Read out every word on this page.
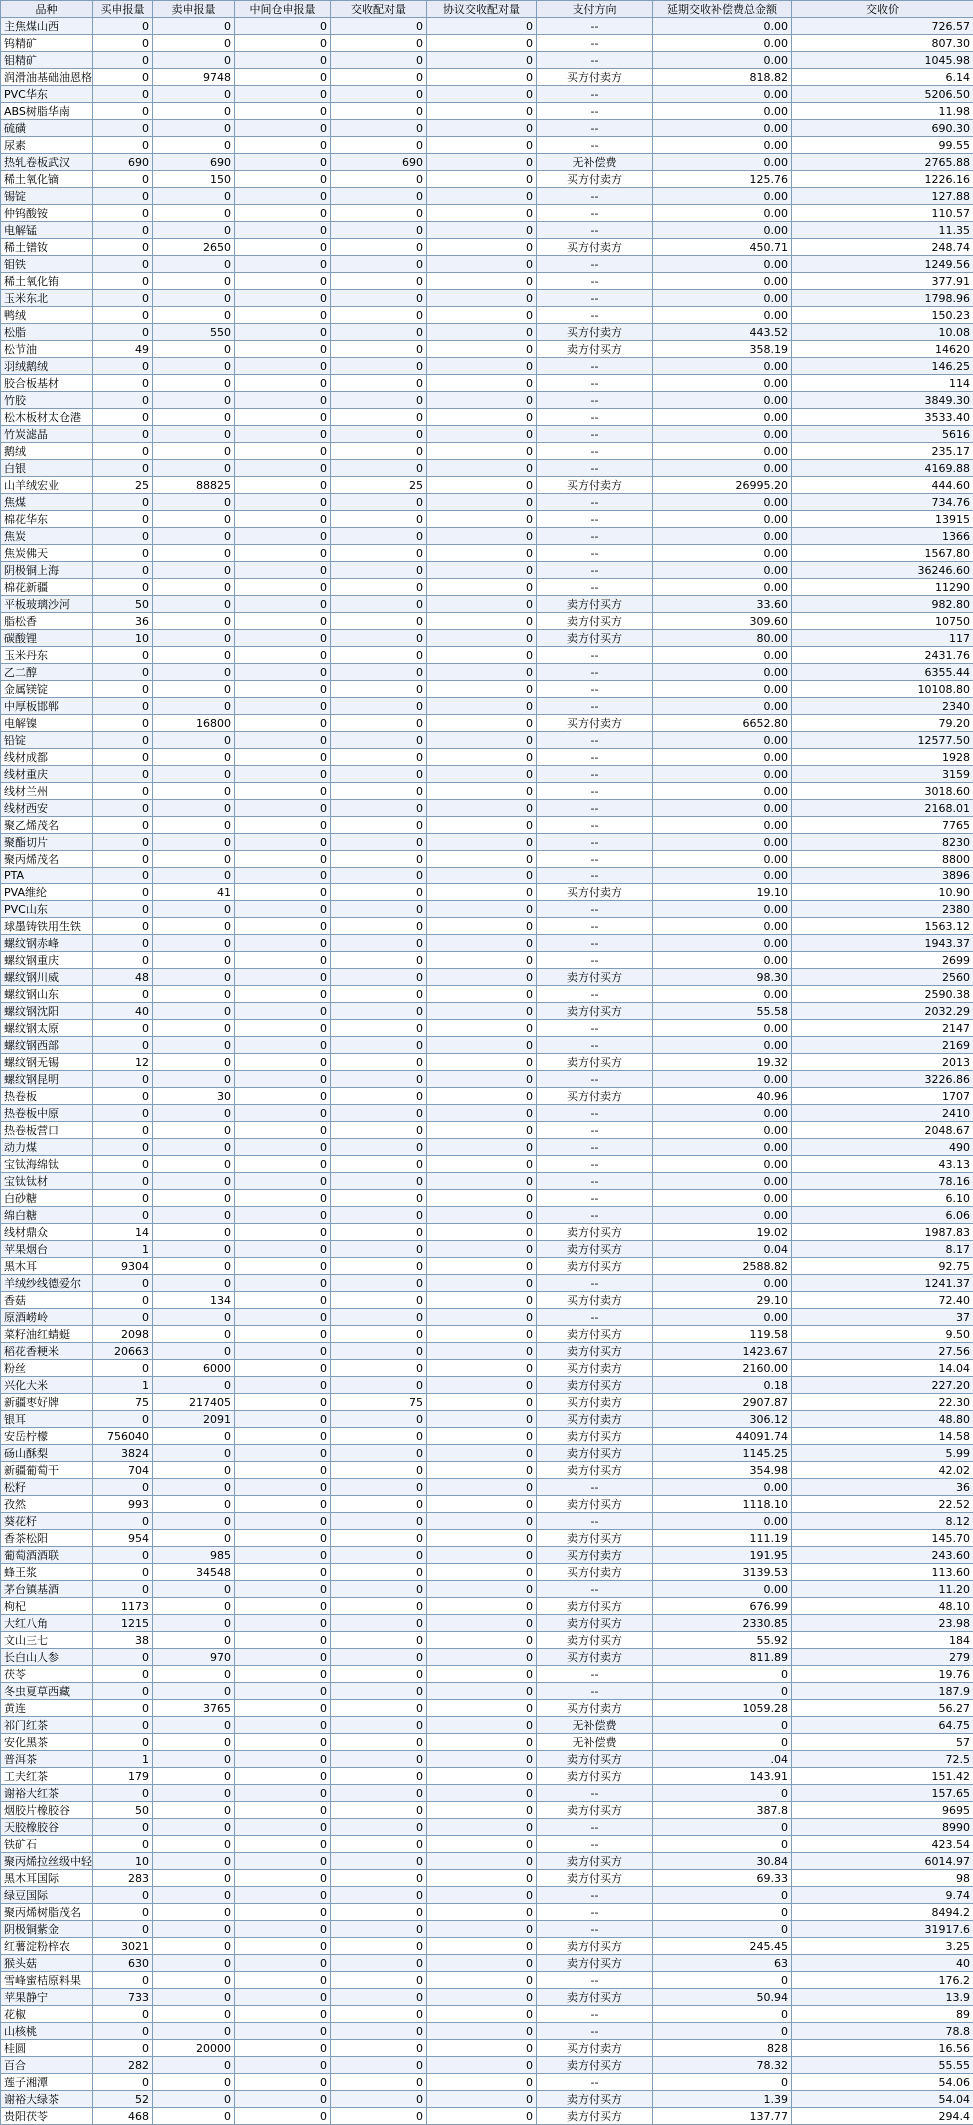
品种	买申报量	卖申报量	中间仓申报量	交收配对量	协议交收配对量	支付方向	延期交收补偿费总金额	交收价
主焦煤山西	0	0	0	0	0	--	0.00	726.57
钨精矿	0	0	0	0	0	--	0.00	807.30
钼精矿	0	0	0	0	0	--	0.00	1045.98
润滑油基础油恩格	0	9748	0	0	0	买方付卖方	818.82	6.14
PVC华东	0	0	0	0	0	--	0.00	5206.50
ABS树脂华南	0	0	0	0	0	--	0.00	11.98
硫磺	0	0	0	0	0	--	0.00	690.30
尿素	0	0	0	0	0	--	0.00	99.55
热轧卷板武汉	690	690	0	690	0	无补偿费	0.00	2765.88
稀土氧化镝	0	150	0	0	0	买方付卖方	125.76	1226.16
锡锭	0	0	0	0	0	--	0.00	127.88
仲钨酸铵	0	0	0	0	0	--	0.00	110.57
电解锰	0	0	0	0	0	--	0.00	11.35
稀土镨钕	0	2650	0	0	0	买方付卖方	450.71	248.74
钼铁	0	0	0	0	0	--	0.00	1249.56
稀土氧化铕	0	0	0	0	0	--	0.00	377.91
玉米东北	0	0	0	0	0	--	0.00	1798.96
鸭绒	0	0	0	0	0	--	0.00	150.23
松脂	0	550	0	0	0	买方付卖方	443.52	10.08
松节油	49	0	0	0	0	卖方付买方	358.19	14620
羽绒鹅绒	0	0	0	0	0	--	0.00	146.25
胶合板基材	0	0	0	0	0	--	0.00	114
竹胶	0	0	0	0	0	--	0.00	3849.30
松木板材太仓港	0	0	0	0	0	--	0.00	3533.40
竹炭滤晶	0	0	0	0	0	--	0.00	5616
鹅绒	0	0	0	0	0	--	0.00	235.17
白银	0	0	0	0	0	--	0.00	4169.88
山羊绒宏业	25	88825	0	25	0	买方付卖方	26995.20	444.60
焦煤	0	0	0	0	0	--	0.00	734.76
棉花华东	0	0	0	0	0	--	0.00	13915
焦炭	0	0	0	0	0	--	0.00	1366
焦炭佛天	0	0	0	0	0	--	0.00	1567.80
阴极铜上海	0	0	0	0	0	--	0.00	36246.60
棉花新疆	0	0	0	0	0	--	0.00	11290
平板玻璃沙河	50	0	0	0	0	卖方付买方	33.60	982.80
脂松香	36	0	0	0	0	卖方付买方	309.60	10750
碳酸锂	10	0	0	0	0	卖方付买方	80.00	117
玉米丹东	0	0	0	0	0	--	0.00	2431.76
乙二醇	0	0	0	0	0	--	0.00	6355.44
金属镁锭	0	0	0	0	0	--	0.00	10108.80
中厚板邯郸	0	0	0	0	0	--	0.00	2340
电解镍	0	16800	0	0	0	买方付卖方	6652.80	79.20
铅锭	0	0	0	0	0	--	0.00	12577.50
线材成都	0	0	0	0	0	--	0.00	1928
线材重庆	0	0	0	0	0	--	0.00	3159
线材兰州	0	0	0	0	0	--	0.00	3018.60
线材西安	0	0	0	0	0	--	0.00	2168.01
聚乙烯茂名	0	0	0	0	0	--	0.00	7765
聚酯切片	0	0	0	0	0	--	0.00	8230
聚丙烯茂名	0	0	0	0	0	--	0.00	8800
PTA	0	0	0	0	0	--	0.00	3896
PVA维纶	0	41	0	0	0	买方付卖方	19.10	10.90
PVC山东	0	0	0	0	0	--	0.00	2380
球墨铸铁用生铁	0	0	0	0	0	--	0.00	1563.12
螺纹钢赤峰	0	0	0	0	0	--	0.00	1943.37
螺纹钢重庆	0	0	0	0	0	--	0.00	2699
螺纹钢川威	48	0	0	0	0	卖方付买方	98.30	2560
螺纹钢山东	0	0	0	0	0	--	0.00	2590.38
螺纹钢沈阳	40	0	0	0	0	卖方付买方	55.58	2032.29
螺纹钢太原	0	0	0	0	0	--	0.00	2147
螺纹钢西部	0	0	0	0	0	--	0.00	2169
螺纹钢无锡	12	0	0	0	0	卖方付买方	19.32	2013
螺纹钢昆明	0	0	0	0	0	--	0.00	3226.86
热卷板	0	30	0	0	0	买方付卖方	40.96	1707
热卷板中原	0	0	0	0	0	--	0.00	2410
热卷板营口	0	0	0	0	0	--	0.00	2048.67
动力煤	0	0	0	0	0	--	0.00	490
宝钛海绵钛	0	0	0	0	0	--	0.00	43.13
宝钛钛材	0	0	0	0	0	--	0.00	78.16
白砂糖	0	0	0	0	0	--	0.00	6.10
绵白糖	0	0	0	0	0	--	0.00	6.06
线材鼎众	14	0	0	0	0	卖方付买方	19.02	1987.83
苹果烟台	1	0	0	0	0	卖方付买方	0.04	8.17
黑木耳	9304	0	0	0	0	卖方付买方	2588.82	92.75
羊绒纱线德爱尔	0	0	0	0	0	--	0.00	1241.37
香菇	0	134	0	0	0	买方付卖方	29.10	72.40
原酒崂岭	0	0	0	0	0	--	0.00	37
菜籽油红蜻蜓	2098	0	0	0	0	卖方付买方	119.58	9.50
稻花香粳米	20663	0	0	0	0	卖方付买方	1423.67	27.56
粉丝	0	6000	0	0	0	买方付卖方	2160.00	14.04
兴化大米	1	0	0	0	0	卖方付买方	0.18	227.20
新疆枣好牌	75	217405	0	75	0	买方付卖方	2907.87	22.30
银耳	0	2091	0	0	0	买方付卖方	306.12	48.80
安岳柠檬	756040	0	0	0	0	卖方付买方	44091.74	14.58
砀山酥梨	3824	0	0	0	0	卖方付买方	1145.25	5.99
新疆葡萄干	704	0	0	0	0	卖方付买方	354.98	42.02
松籽	0	0	0	0	0	--	0.00	36
孜然	993	0	0	0	0	卖方付买方	1118.10	22.52
葵花籽	0	0	0	0	0	--	0.00	8.12
香茶松阳	954	0	0	0	0	卖方付买方	111.19	145.70
葡萄酒酒联	0	985	0	0	0	买方付卖方	191.95	243.60
蜂王浆	0	34548	0	0	0	买方付卖方	3139.53	113.60
茅台镇基酒	0	0	0	0	0	--	0.00	11.20
枸杞	1173	0	0	0	0	卖方付买方	676.99	48.10
大红八角	1215	0	0	0	0	卖方付买方	2330.85	23.98
文山三七	38	0	0	0	0	卖方付买方	55.92	184
长白山人参	0	970	0	0	0	买方付卖方	811.89	279
茯苓	0	0	0	0	0	--	0	19.76
冬虫夏草西藏	0	0	0	0	0	--	0	187.9
黄连	0	3765	0	0	0	买方付卖方	1059.28	56.27
祁门红茶	0	0	0	0	0	无补偿费	0	64.75
安化黑茶	0	0	0	0	0	无补偿费	0	57
普洱茶	1	0	0	0	0	卖方付买方	.04	72.5
工夫红茶	179	0	0	0	0	卖方付买方	143.91	151.42
谢裕大红茶	0	0	0	0	0	--	0	157.65
烟胶片橡胶谷	50	0	0	0	0	卖方付买方	387.8	9695
天胶橡胶谷	0	0	0	0	0	--	0	8990
铁矿石	0	0	0	0	0	--	0	423.54
聚丙烯拉丝级中轻	10	0	0	0	0	卖方付买方	30.84	6014.97
黑木耳国际	283	0	0	0	0	卖方付买方	69.33	98
绿豆国际	0	0	0	0	0	--	0	9.74
聚丙烯树脂茂名	0	0	0	0	0	--	0	8494.2
阴极铜紫金	0	0	0	0	0	--	0	31917.6
红薯淀粉梓农	3021	0	0	0	0	卖方付买方	245.45	3.25
猴头菇	630	0	0	0	0	卖方付买方	63	40
雪峰蜜桔原料果	0	0	0	0	0	--	0	176.2
苹果静宁	733	0	0	0	0	卖方付买方	50.94	13.9
花椒	0	0	0	0	0	--	0	89
山核桃	0	0	0	0	0	--	0	78.8
桂圆	0	20000	0	0	0	买方付卖方	828	16.56
百合	282	0	0	0	0	卖方付买方	78.32	55.55
莲子湘潭	0	0	0	0	0	--	0	54.06
谢裕大绿茶	52	0	0	0	0	卖方付买方	1.39	54.04
贵阳茯苓	468	0	0	0	0	卖方付买方	137.77	294.4
